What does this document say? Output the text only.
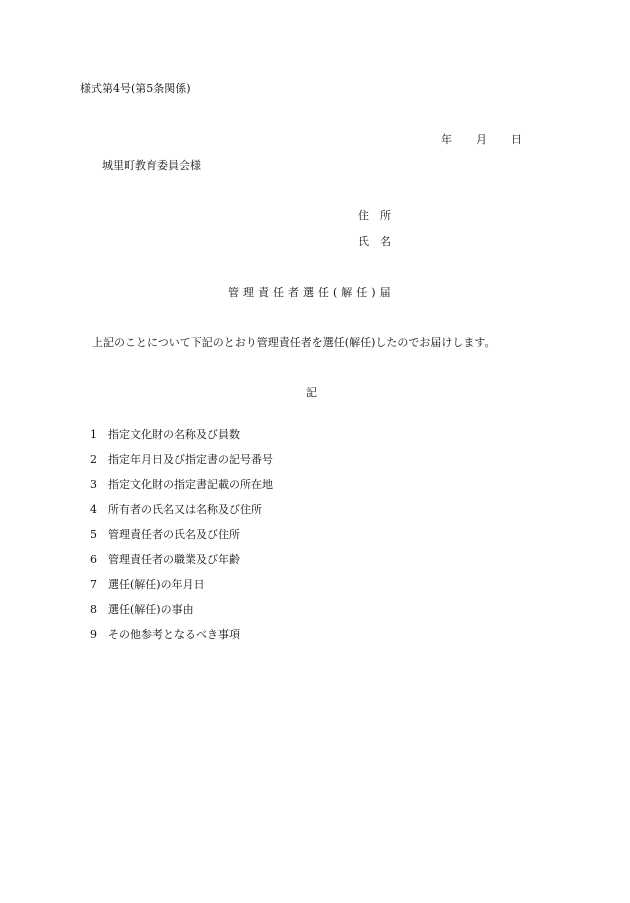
様式第4号(第5条関係)
年 月 日
城里町教育委員会様
住　所
氏　名
管理責任者選任(解任)届
上記のことについて下記のとおり管理責任者を選任(解任)したのでお届けします。
記
1	指定文化財の名称及び員数
2	指定年月日及び指定書の記号番号
3	指定文化財の指定書記載の所在地
4	所有者の氏名又は名称及び住所
5	管理責任者の氏名及び住所
6	管理責任者の職業及び年齢
7	選任(解任)の年月日
8	選任(解任)の事由
9	その他参考となるべき事項
